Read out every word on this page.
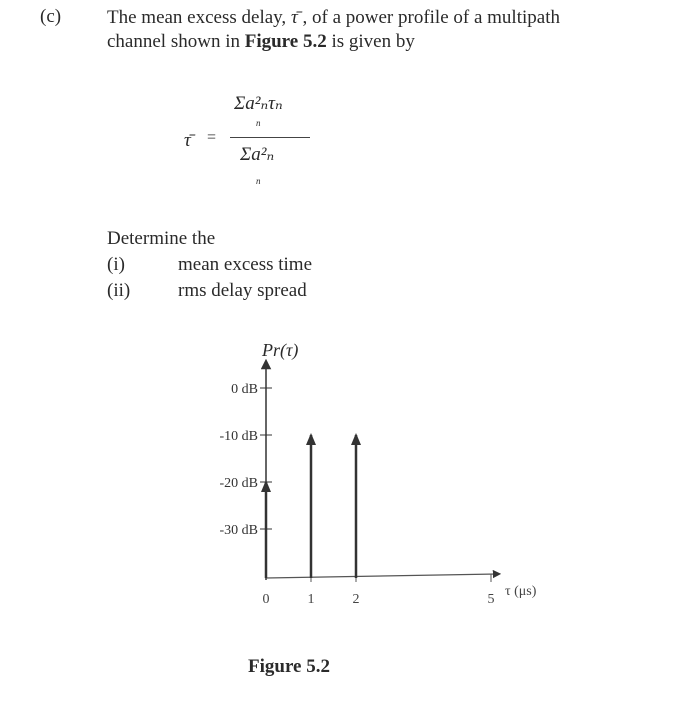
(c) The mean excess delay, τ̄ , of a power profile of a multipath
channel shown in Figure 5.2 is given by
τ̄ =
Σa²ₙτₙ
n
Σa²ₙ
n
Determine the
(i)	mean excess time
(ii)	rms delay spread
Pr(τ)
0 dB
-10 dB
-20 dB
-30 dB
0	1	2	5
τ (μs)
Figure 5.2
